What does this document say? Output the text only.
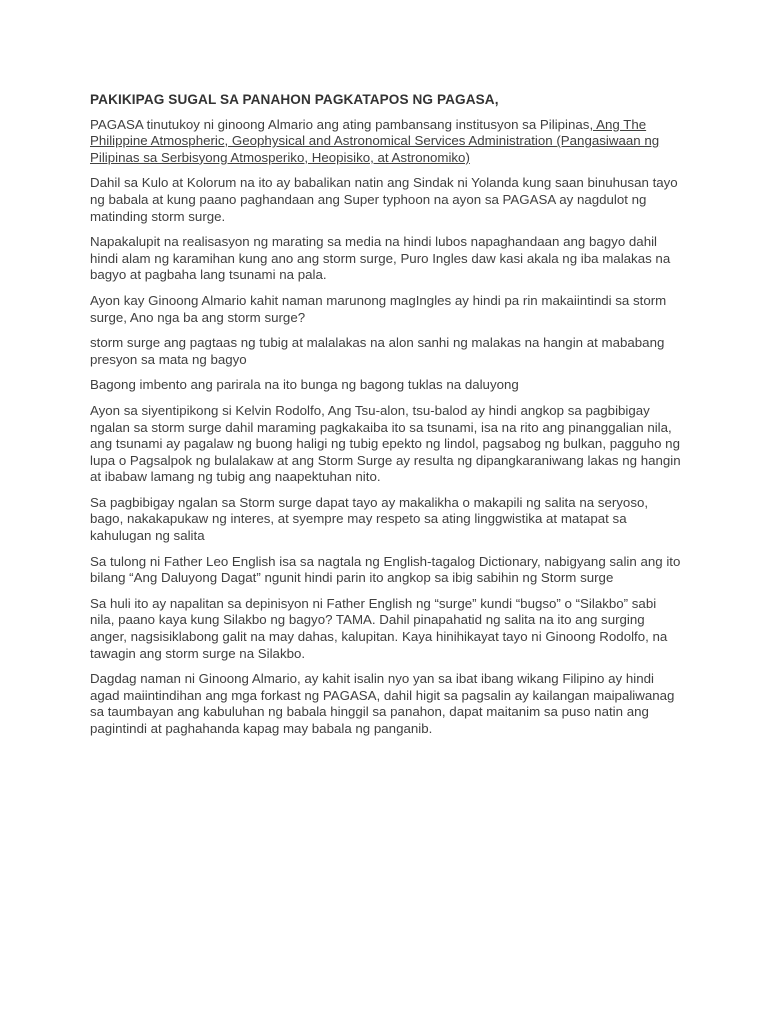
PAKIKIPAG SUGAL SA PANAHON PAGKATAPOS NG PAGASA,
PAGASA tinutukoy ni ginoong Almario ang ating pambansang institusyon sa Pilipinas, Ang The Philippine Atmospheric, Geophysical and Astronomical Services Administration (Pangasiwaan ng Pilipinas sa Serbisyong Atmosperiko, Heopisiko, at Astronomiko)
Dahil sa Kulo at Kolorum na ito ay babalikan natin ang Sindak ni Yolanda kung saan binuhusan tayo ng babala at kung paano paghandaan ang Super typhoon na ayon sa PAGASA ay nagdulot ng matinding storm surge.
Napakalupit na realisasyon ng marating sa media na hindi lubos napaghandaan ang bagyo dahil hindi alam ng karamihan kung ano ang storm surge, Puro Ingles daw kasi akala ng iba malakas na bagyo at pagbaha lang tsunami na pala.
Ayon kay Ginoong Almario kahit naman marunong magIngles ay hindi pa rin makaiintindi sa storm surge, Ano nga ba ang storm surge?
storm surge ang pagtaas ng tubig at malalakas na alon sanhi ng malakas na hangin at mababang presyon sa mata ng bagyo
Bagong imbento ang parirala na ito bunga ng bagong tuklas na daluyong
Ayon sa siyentipikong si Kelvin Rodolfo, Ang Tsu-alon, tsu-balod ay hindi angkop sa pagbibigay ngalan sa storm surge dahil maraming pagkakaiba ito sa tsunami, isa na rito ang pinanggalian nila, ang tsunami ay pagalaw ng buong haligi ng tubig epekto ng lindol, pagsabog ng bulkan, pagguho ng lupa o Pagsalpok ng bulalakaw at ang Storm Surge ay resulta ng dipangkaraniwang lakas ng hangin at ibabaw lamang ng tubig ang naapektuhan nito.
Sa pagbibigay ngalan sa Storm surge dapat tayo ay makalikha o makapili ng salita na seryoso, bago, nakakapukaw ng interes, at syempre may respeto sa ating linggwistika at matapat sa kahulugan ng salita
Sa tulong ni Father Leo English isa sa nagtala ng English-tagalog Dictionary, nabigyang salin ang ito bilang “Ang Daluyong Dagat” ngunit hindi parin ito angkop sa ibig sabihin ng Storm surge
Sa huli ito ay napalitan sa depinisyon ni Father English ng “surge” kundi “bugso” o “Silakbo” sabi nila, paano kaya kung Silakbo ng bagyo? TAMA. Dahil pinapahatid ng salita na ito ang surging anger, nagsisiklabong galit na may dahas, kalupitan. Kaya hinihikayat tayo ni Ginoong Rodolfo, na tawagin ang storm surge na Silakbo.
Dagdag naman ni Ginoong Almario, ay kahit isalin nyo yan sa ibat ibang wikang Filipino ay hindi agad maiintindihan ang mga forkast ng PAGASA, dahil higit sa pagsalin ay kailangan maipaliwanag sa taumbayan ang kabuluhan ng babala hinggil sa panahon, dapat maitanim sa puso natin ang pagintindi at paghahanda kapag may babala ng panganib.
